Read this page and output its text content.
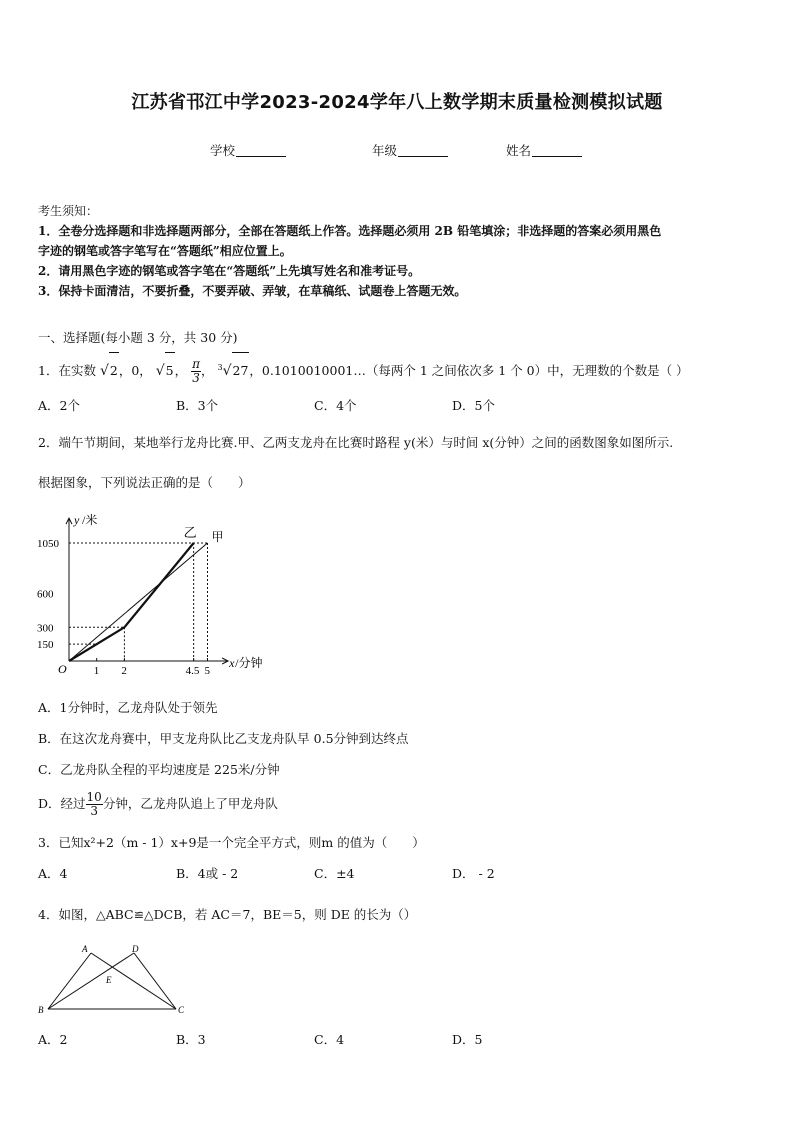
江苏省邗江中学2023-2024学年八上数学期末质量检测模拟试题
学校	年级	姓名
考生须知：
1．全卷分选择题和非选择题两部分，全部在答题纸上作答。选择题必须用 2B 铅笔填涂；非选择题的答案必须用黑色
字迹的钢笔或答字笔写在“答题纸”相应位置上。
2．请用黑色字迹的钢笔或答字笔在“答题纸”上先填写姓名和准考证号。
3．保持卡面清洁，不要折叠，不要弄破、弄皱，在草稿纸、试题卷上答题无效。
一、选择题(每小题 3 分，共 30 分)
1．在实数 √2，0， √5， $\frac{\pi}{3}$ ， $^3$√27，0.1010010001…（每两个 1 之间依次多 1 个 0）中，无理数的个数是（ ）
A．2个	B．3个	C．4个	D．5个
2．端午节期间，某地举行龙舟比赛.甲、乙两支龙舟在比赛时路程 y(米）与时间 x(分钟）之间的函数图象如图所示.
根据图象，下列说法正确的是（　　）
y /米
x /分钟
O
150
300
600
1050
1 2	4.5 5
甲
乙
A．1分钟时，乙龙舟队处于领先
B．在这次龙舟赛中，甲支龙舟队比乙支龙舟队早 0.5分钟到达终点
C．乙龙舟队全程的平均速度是 225米/分钟
D．经过 $\frac{10}{3}$ 分钟，乙龙舟队追上了甲龙舟队
3．已知x²+2（m - 1）x+9是一个完全平方式，则m 的值为（　　）
A．4	B．4或 - 2	C．±4	D． - 2
4．如图，△ABC≌△DCB，若 AC＝7，BE＝5，则 DE 的长为（）
A	D
E
B	C
A．2	B．3	C．4	D．5
